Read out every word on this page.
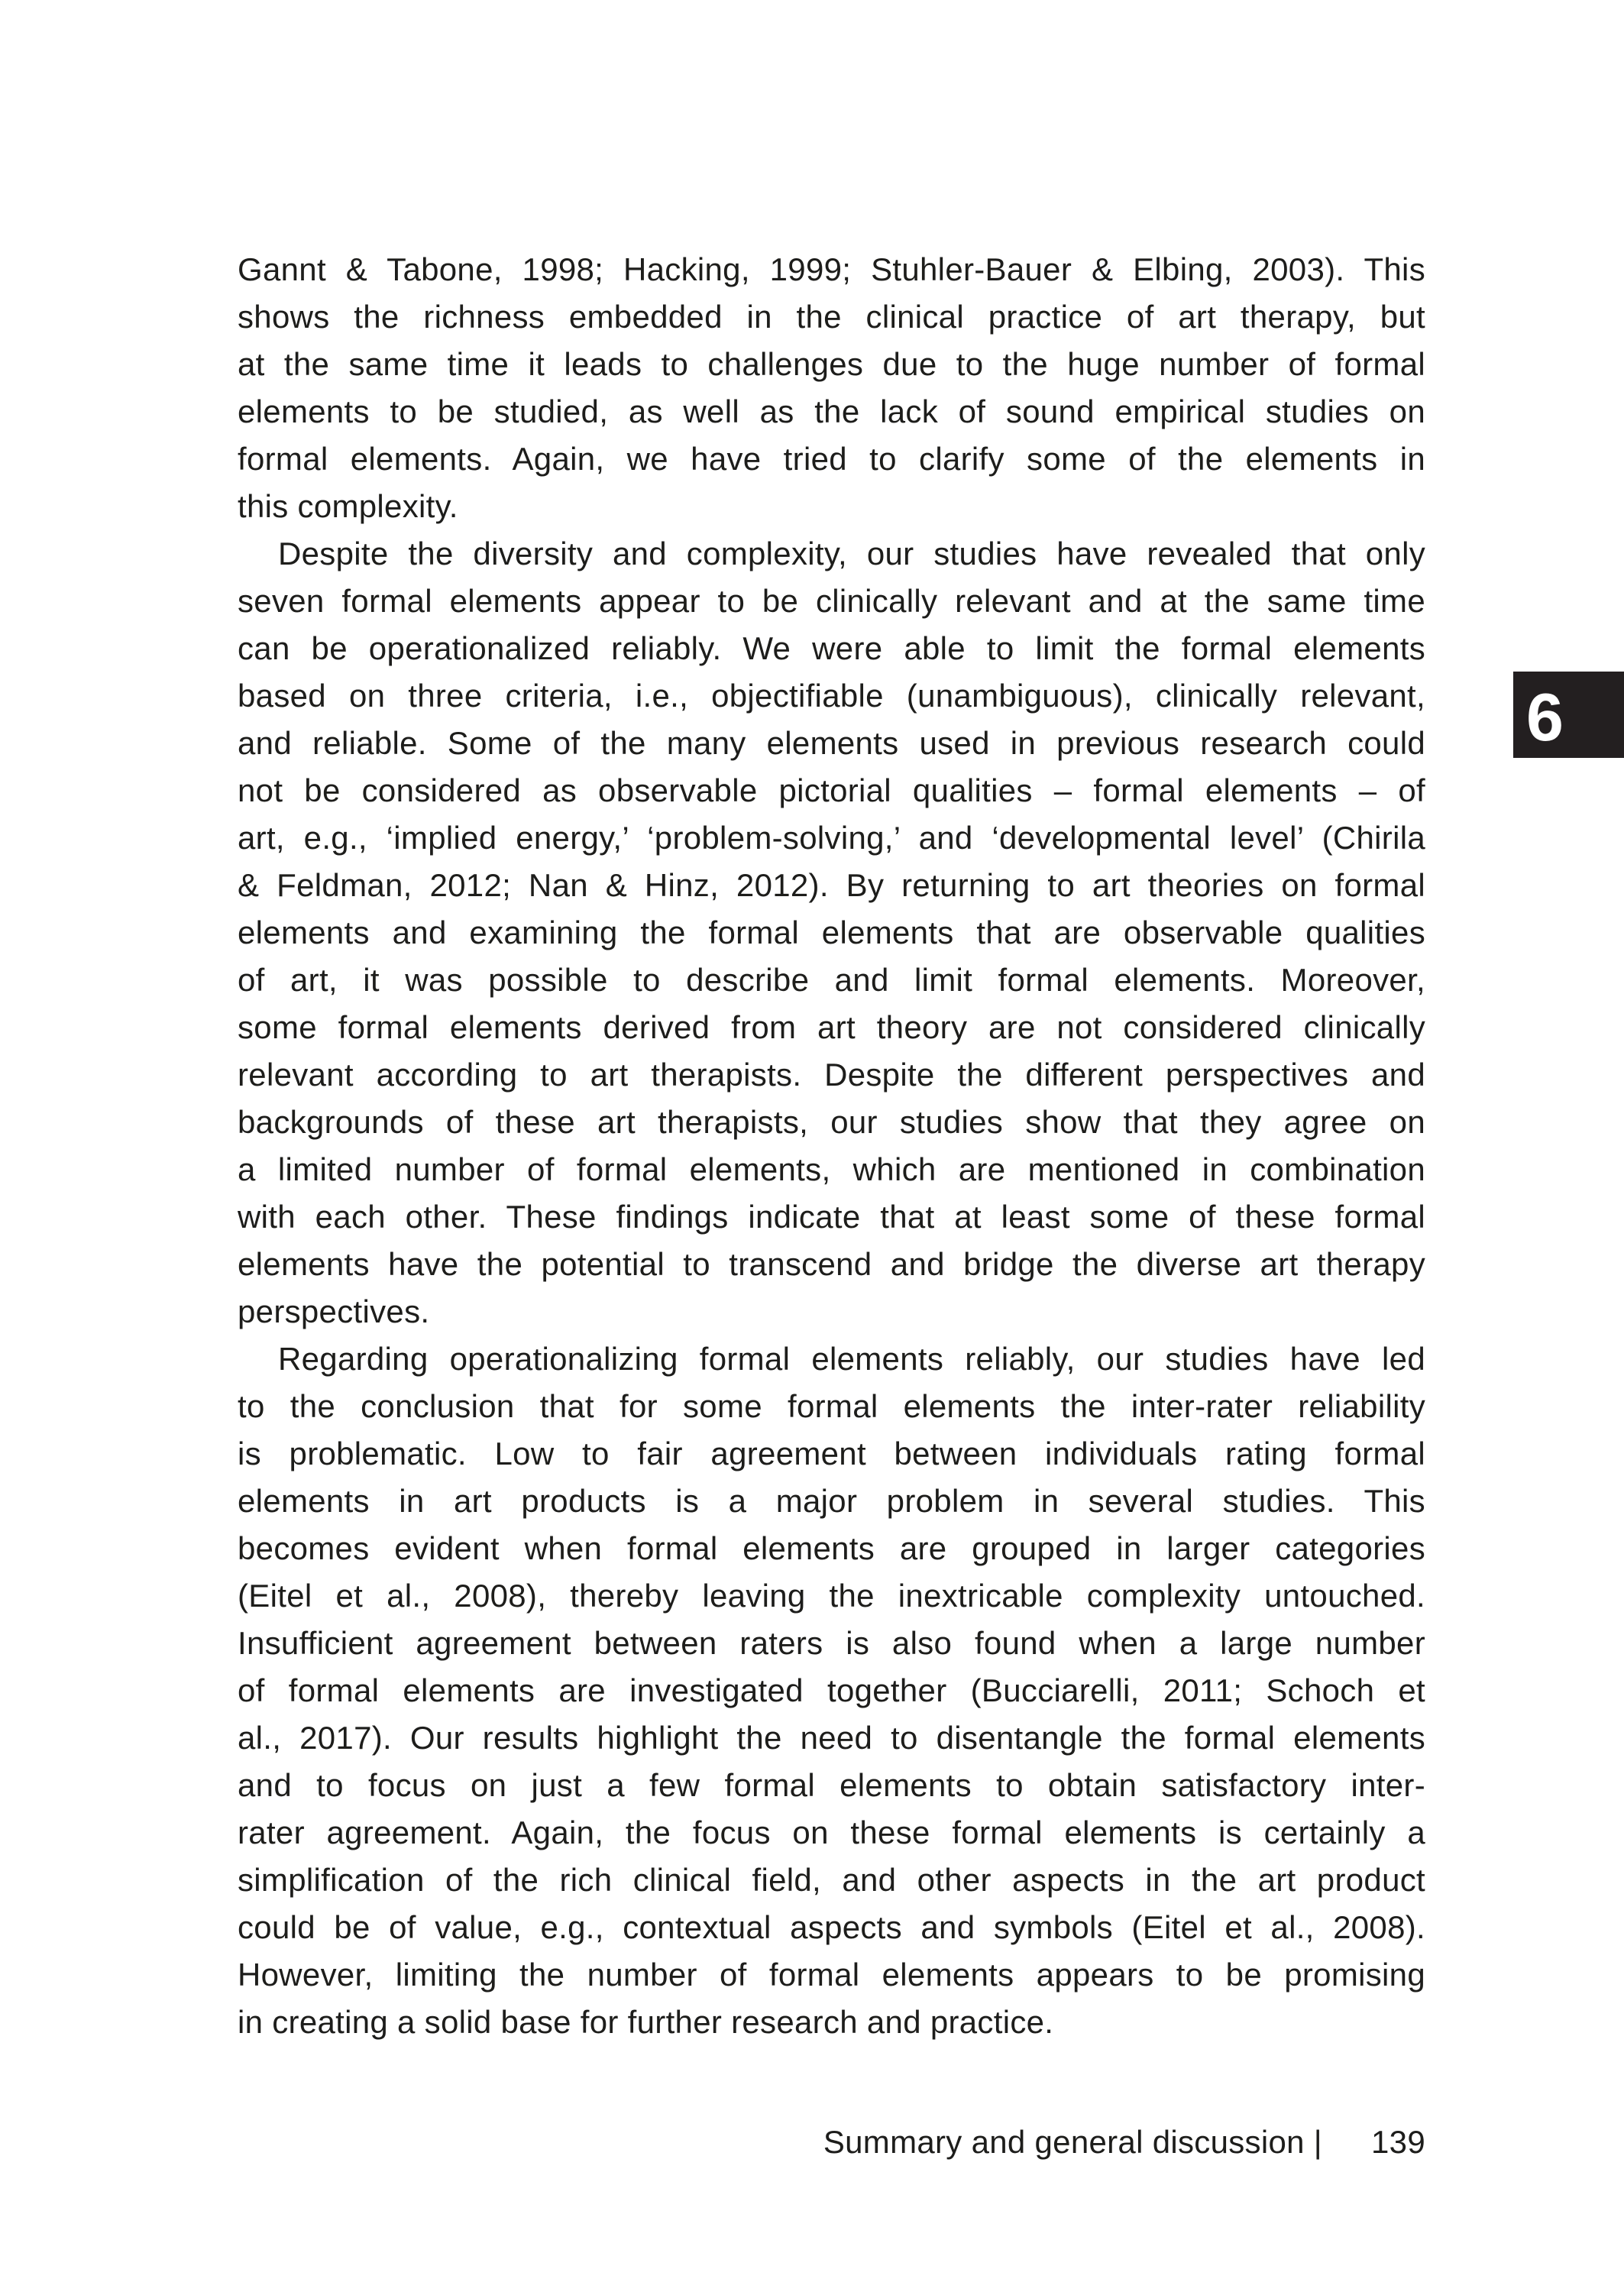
Gannt & Tabone, 1998; Hacking, 1999; Stuhler-Bauer & Elbing, 2003). This
shows the richness embedded in the clinical practice of art therapy, but
at the same time it leads to challenges due to the huge number of formal
elements to be studied, as well as the lack of sound empirical studies on
formal elements. Again, we have tried to clarify some of the elements in
this complexity.
Despite the diversity and complexity, our studies have revealed that only
seven formal elements appear to be clinically relevant and at the same time
can be operationalized reliably. We were able to limit the formal elements
based on three criteria, i.e., objectifiable (unambiguous), clinically relevant,
and reliable. Some of the many elements used in previous research could
not be considered as observable pictorial qualities – formal elements – of
art, e.g., ‘implied energy,’ ‘problem-solving,’ and ‘developmental level’ (Chirila
& Feldman, 2012; Nan & Hinz, 2012). By returning to art theories on formal
elements and examining the formal elements that are observable qualities
of art, it was possible to describe and limit formal elements. Moreover,
some formal elements derived from art theory are not considered clinically
relevant according to art therapists. Despite the different perspectives and
backgrounds of these art therapists, our studies show that they agree on
a limited number of formal elements, which are mentioned in combination
with each other. These findings indicate that at least some of these formal
elements have the potential to transcend and bridge the diverse art therapy
perspectives.
Regarding operationalizing formal elements reliably, our studies have led
to the conclusion that for some formal elements the inter-rater reliability
is problematic. Low to fair agreement between individuals rating formal
elements in art products is a major problem in several studies. This
becomes evident when formal elements are grouped in larger categories
(Eitel et al., 2008), thereby leaving the inextricable complexity untouched.
Insufficient agreement between raters is also found when a large number
of formal elements are investigated together (Bucciarelli, 2011; Schoch et
al., 2017). Our results highlight the need to disentangle the formal elements
and to focus on just a few formal elements to obtain satisfactory inter-
rater agreement. Again, the focus on these formal elements is certainly a
simplification of the rich clinical field, and other aspects in the art product
could be of value, e.g., contextual aspects and symbols (Eitel et al., 2008).
However, limiting the number of formal elements appears to be promising
in creating a solid base for further research and practice.
6
Summary and general discussion | 139
